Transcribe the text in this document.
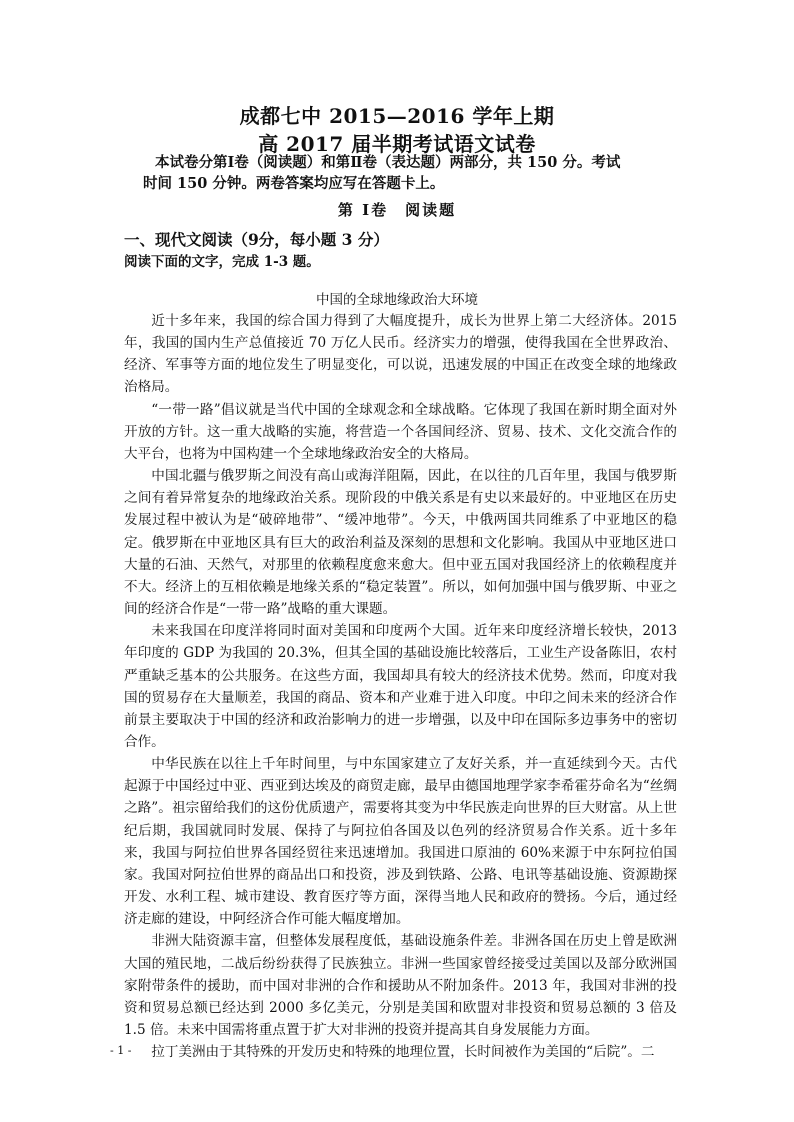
成都七中 2015—2016 学年上期
高 2017 届半期考试语文试卷
本试卷分第Ⅰ卷（阅读题）和第Ⅱ卷（表达题）两部分，共 150 分。考试
时间 150 分钟。两卷答案均应写在答题卡上。
第 Ⅰ卷　阅读题
一、现代文阅读（9分，每小题 3 分）
阅读下面的文字，完成 1-3 题。
中国的全球地缘政治大环境

近十多年来，我国的综合国力得到了大幅度提升，成长为世界上第二大经济体。2015 年，我国的国内生产总值接近 70 万亿人民币。经济实力的增强，使得我国在全世界政治、经济、军事等方面的地位发生了明显变化，可以说，迅速发展的中国正在改变全球的地缘政治格局。

“一带一路”倡议就是当代中国的全球观念和全球战略。它体现了我国在新时期全面对外开放的方针。这一重大战略的实施，将营造一个各国间经济、贸易、技术、文化交流合作的大平台，也将为中国构建一个全球地缘政治安全的大格局。

中国北疆与俄罗斯之间没有高山或海洋阻隔，因此，在以往的几百年里，我国与俄罗斯之间有着异常复杂的地缘政治关系。现阶段的中俄关系是有史以来最好的。中亚地区在历史发展过程中被认为是“破碎地带”、“缓冲地带”。今天，中俄两国共同维系了中亚地区的稳定。俄罗斯在中亚地区具有巨大的政治利益及深刻的思想和文化影响。我国从中亚地区进口大量的石油、天然气，对那里的依赖程度愈来愈大。但中亚五国对我国经济上的依赖程度并不大。经济上的互相依赖是地缘关系的“稳定装置”。所以，如何加强中国与俄罗斯、中亚之间的经济合作是“一带一路”战略的重大课题。

未来我国在印度洋将同时面对美国和印度两个大国。近年来印度经济增长较快，2013 年印度的 GDP 为我国的 20.3%，但其全国的基础设施比较落后，工业生产设备陈旧，农村严重缺乏基本的公共服务。在这些方面，我国却具有较大的经济技术优势。然而，印度对我国的贸易存在大量顺差，我国的商品、资本和产业难于进入印度。中印之间未来的经济合作前景主要取决于中国的经济和政治影响力的进一步增强，以及中印在国际多边事务中的密切合作。

中华民族在以往上千年时间里，与中东国家建立了友好关系，并一直延续到今天。古代起源于中国经过中亚、西亚到达埃及的商贸走廊，最早由德国地理学家李希霍芬命名为“丝绸之路”。祖宗留给我们的这份优质遗产，需要将其变为中华民族走向世界的巨大财富。从上世纪后期，我国就同时发展、保持了与阿拉伯各国及以色列的经济贸易合作关系。近十多年来，我国与阿拉伯世界各国经贸往来迅速增加。我国进口原油的 60%来源于中东阿拉伯国家。我国对阿拉伯世界的商品出口和投资，涉及到铁路、公路、电讯等基础设施、资源勘探开发、水利工程、城市建设、教育医疗等方面，深得当地人民和政府的赞扬。今后，通过经济走廊的建设，中阿经济合作可能大幅度增加。

非洲大陆资源丰富，但整体发展程度低，基础设施条件差。非洲各国在历史上曾是欧洲大国的殖民地，二战后纷纷获得了民族独立。非洲一些国家曾经接受过美国以及部分欧洲国家附带条件的援助，而中国对非洲的合作和援助从不附加条件。2013 年，我国对非洲的投资和贸易总额已经达到 2000 多亿美元，分别是美国和欧盟对非投资和贸易总额的 3 倍及 1.5 倍。未来中国需将重点置于扩大对非洲的投资并提高其自身发展能力方面。

拉丁美洲由于其特殊的开发历史和特殊的地理位置，长时间被作为美国的“后院”。二

- 1 -
